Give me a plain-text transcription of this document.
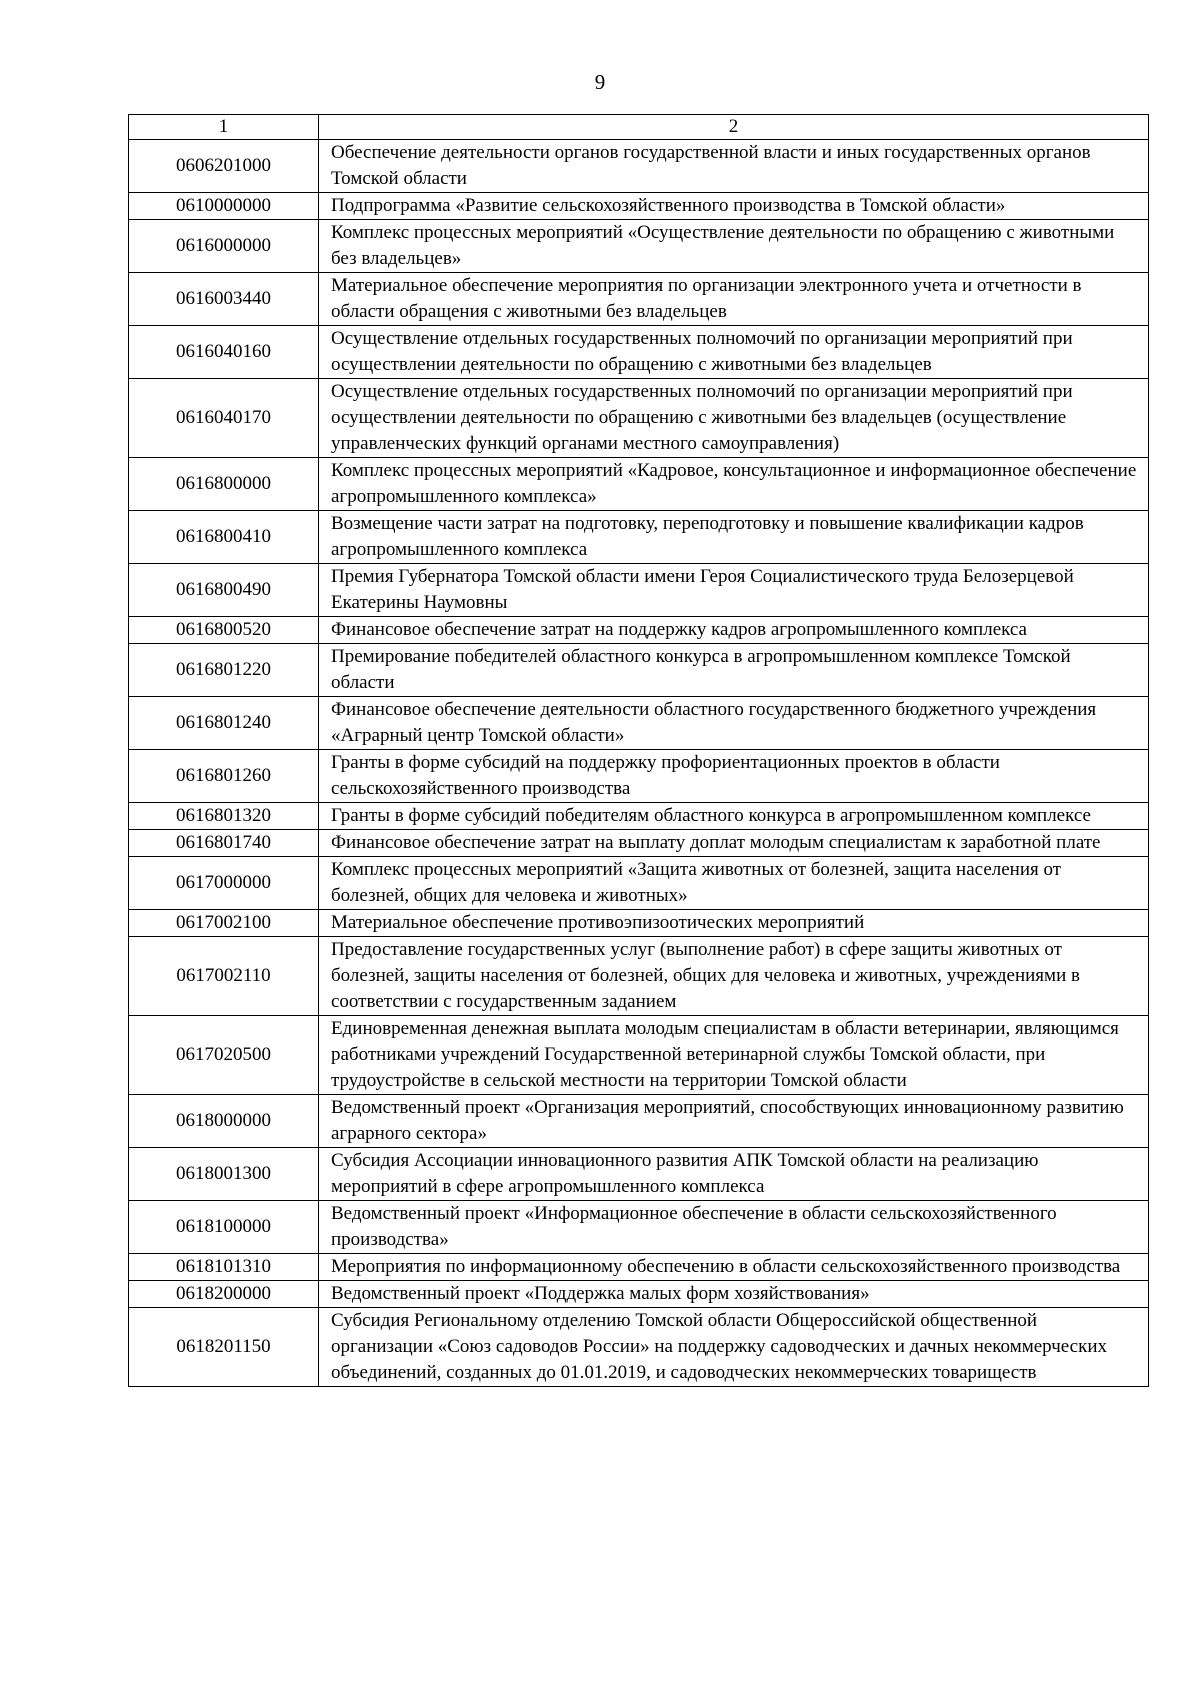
9
1	2
0606201000	Обеспечение деятельности органов государственной власти и иных государственных органов Томской области
0610000000	Подпрограмма «Развитие сельскохозяйственного производства в Томской области»
0616000000	Комплекс процессных мероприятий «Осуществление деятельности по обращению с животными без владельцев»
0616003440	Материальное обеспечение мероприятия по организации электронного учета и отчетности в области обращения с животными без владельцев
0616040160	Осуществление отдельных государственных полномочий по организации мероприятий при осуществлении деятельности по обращению с животными без владельцев
0616040170	Осуществление отдельных государственных полномочий по организации мероприятий при осуществлении деятельности по обращению с животными без владельцев (осуществление управленческих функций органами местного самоуправления)
0616800000	Комплекс процессных мероприятий «Кадровое, консультационное и информационное обеспечение агропромышленного комплекса»
0616800410	Возмещение части затрат на подготовку, переподготовку и повышение квалификации кадров агропромышленного комплекса
0616800490	Премия Губернатора Томской области имени Героя Социалистического труда Белозерцевой Екатерины Наумовны
0616800520	Финансовое обеспечение затрат на поддержку кадров агропромышленного комплекса
0616801220	Премирование победителей областного конкурса в агропромышленном комплексе Томской области
0616801240	Финансовое обеспечение деятельности областного государственного бюджетного учреждения «Аграрный центр Томской области»
0616801260	Гранты в форме субсидий на поддержку профориентационных проектов в области сельскохозяйственного производства
0616801320	Гранты в форме субсидий победителям областного конкурса в агропромышленном комплексе
0616801740	Финансовое обеспечение затрат на выплату доплат молодым специалистам к заработной плате
0617000000	Комплекс процессных мероприятий «Защита животных от болезней, защита населения от болезней, общих для человека и животных»
0617002100	Материальное обеспечение противоэпизоотических мероприятий
0617002110	Предоставление государственных услуг (выполнение работ) в сфере защиты животных от болезней, защиты населения от болезней, общих для человека и животных, учреждениями в соответствии с государственным заданием
0617020500	Единовременная денежная выплата молодым специалистам в области ветеринарии, являющимся работниками учреждений Государственной ветеринарной службы Томской области, при трудоустройстве в сельской местности на территории Томской области
0618000000	Ведомственный проект «Организация мероприятий, способствующих инновационному развитию аграрного сектора»
0618001300	Субсидия Ассоциации инновационного развития АПК Томской области на реализацию мероприятий в сфере агропромышленного комплекса
0618100000	Ведомственный проект «Информационное обеспечение в области сельскохозяйственного производства»
0618101310	Мероприятия по информационному обеспечению в области сельскохозяйственного производства
0618200000	Ведомственный проект «Поддержка малых форм хозяйствования»
0618201150	Субсидия Региональному отделению Томской области Общероссийской общественной организации «Союз садоводов России» на поддержку садоводческих и дачных некоммерческих объединений, созданных до 01.01.2019, и садоводческих некоммерческих товариществ
